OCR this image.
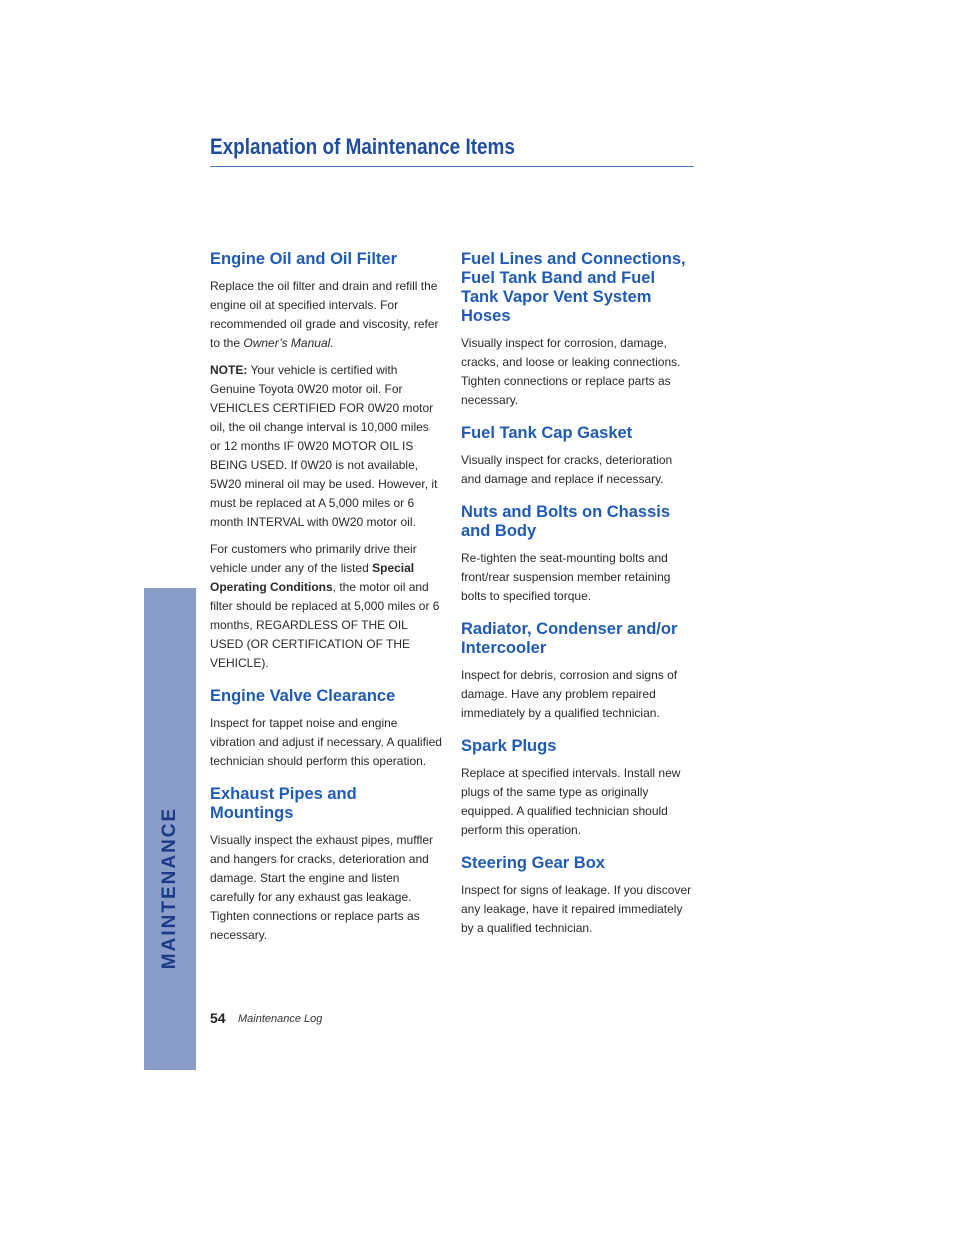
MAINTENANCE
Explanation of Maintenance Items
Engine Oil and Oil Filter

Replace the oil filter and drain and refill the engine oil at specified intervals. For recommended oil grade and viscosity, refer to the Owner’s Manual.

NOTE: Your vehicle is certified with Genuine Toyota 0W20 motor oil. For VEHICLES CERTIFIED FOR 0W20 motor oil, the oil change interval is 10,000 miles or 12 months IF 0W20 MOTOR OIL IS BEING USED. If 0W20 is not available, 5W20 mineral oil may be used. However, it must be replaced at A 5,000 miles or 6 month INTERVAL with 0W20 motor oil.

For customers who primarily drive their vehicle under any of the listed Special Operating Conditions, the motor oil and filter should be replaced at 5,000 miles or 6 months, REGARDLESS OF THE OIL USED (OR CERTIFICATION OF THE VEHICLE).

Engine Valve Clearance

Inspect for tappet noise and engine vibration and adjust if necessary. A qualified technician should perform this operation.

Exhaust Pipes and Mountings

Visually inspect the exhaust pipes, muffler and hangers for cracks, deterioration and damage. Start the engine and listen carefully for any exhaust gas leakage. Tighten connections or replace parts as necessary.

Fuel Lines and Connections, Fuel Tank Band and Fuel Tank Vapor Vent System Hoses

Visually inspect for corrosion, damage, cracks, and loose or leaking connections. Tighten connections or replace parts as necessary.

Fuel Tank Cap Gasket

Visually inspect for cracks, deterioration and damage and replace if necessary.

Nuts and Bolts on Chassis and Body

Re-tighten the seat-mounting bolts and front/rear suspension member retaining bolts to specified torque.

Radiator, Condenser and/or Intercooler

Inspect for debris, corrosion and signs of damage. Have any problem repaired immediately by a qualified technician.

Spark Plugs

Replace at specified intervals. Install new plugs of the same type as originally equipped. A qualified technician should perform this operation.

Steering Gear Box

Inspect for signs of leakage. If you discover any leakage, have it repaired immediately by a qualified technician.

54 Maintenance Log
